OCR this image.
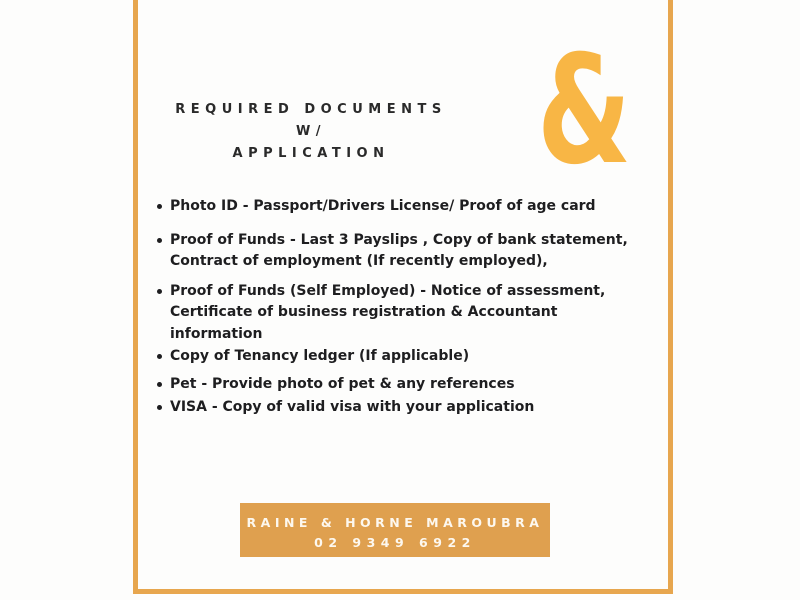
REQUIRED DOCUMENTS W/
APPLICATION &
Photo ID - Passport/Drivers License/ Proof of age card
Proof of Funds - Last 3 Payslips , Copy of bank statement, Contract of employment (If recently employed),
Proof of Funds (Self Employed) - Notice of assessment, Certificate of business registration & Accountant information
Copy of Tenancy ledger (If applicable)
Pet - Provide photo of pet & any references
VISA - Copy of valid visa with your application
RAINE & HORNE MAROUBRA
02 9349 6922
